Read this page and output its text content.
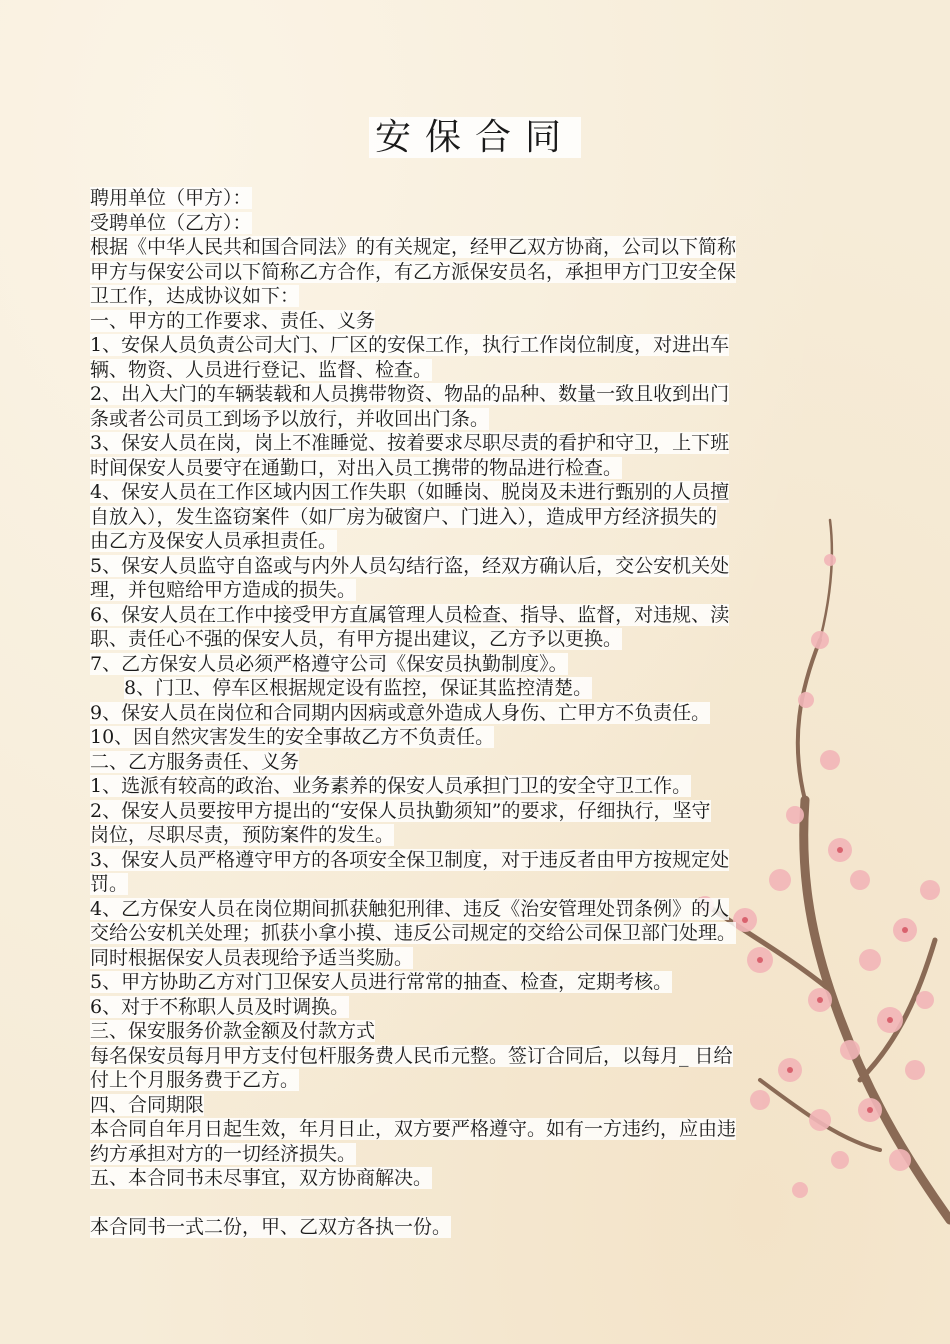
安保合同
聘用单位（甲方）：
受聘单位（乙方）：
根据《中华人民共和国合同法》的有关规定，经甲乙双方协商，公司以下简称
甲方与保安公司以下简称乙方合作，有乙方派保安员名，承担甲方门卫安全保
卫工作，达成协议如下：
一、甲方的工作要求、责任、义务
1、安保人员负责公司大门、厂区的安保工作，执行工作岗位制度，对进出车
辆、物资、人员进行登记、监督、检查。
2、出入大门的车辆装载和人员携带物资、物品的品种、数量一致且收到出门
条或者公司员工到场予以放行，并收回出门条。
3、保安人员在岗，岗上不准睡觉、按着要求尽职尽责的看护和守卫，上下班
时间保安人员要守在通勤口，对出入员工携带的物品进行检查。
4、保安人员在工作区域内因工作失职（如睡岗、脱岗及未进行甄别的人员擅
自放入），发生盗窃案件（如厂房为破窗户、门进入），造成甲方经济损失的
由乙方及保安人员承担责任。
5、保安人员监守自盗或与内外人员勾结行盗，经双方确认后，交公安机关处
理，并包赔给甲方造成的损失。
6、保安人员在工作中接受甲方直属管理人员检查、指导、监督，对违规、渎
职、责任心不强的保安人员，有甲方提出建议，乙方予以更换。
7、乙方保安人员必须严格遵守公司《保安员执勤制度》。
8、门卫、停车区根据规定设有监控，保证其监控清楚。
9、保安人员在岗位和合同期内因病或意外造成人身伤、亡甲方不负责任。
10、因自然灾害发生的安全事故乙方不负责任。
二、乙方服务责任、义务
1、选派有较高的政治、业务素养的保安人员承担门卫的安全守卫工作。
2、保安人员要按甲方提出的“安保人员执勤须知”的要求，仔细执行，坚守
岗位，尽职尽责，预防案件的发生。
3、保安人员严格遵守甲方的各项安全保卫制度，对于违反者由甲方按规定处
罚。
4、乙方保安人员在岗位期间抓获触犯刑律、违反《治安管理处罚条例》的人
交给公安机关处理；抓获小拿小摸、违反公司规定的交给公司保卫部门处理。
同时根据保安人员表现给予适当奖励。
5、甲方协助乙方对门卫保安人员进行常常的抽查、检查，定期考核。
6、对于不称职人员及时调换。
三、保安服务价款金额及付款方式
每名保安员每月甲方支付包杆服务费人民币元整。签订合同后，以每月_ 日给
付上个月服务费于乙方。
四、合同期限
本合同自年月日起生效，年月日止，双方要严格遵守。如有一方违约，应由违
约方承担对方的一切经济损失。
五、本合同书未尽事宜，双方协商解决。
本合同书一式二份，甲、乙双方各执一份。
